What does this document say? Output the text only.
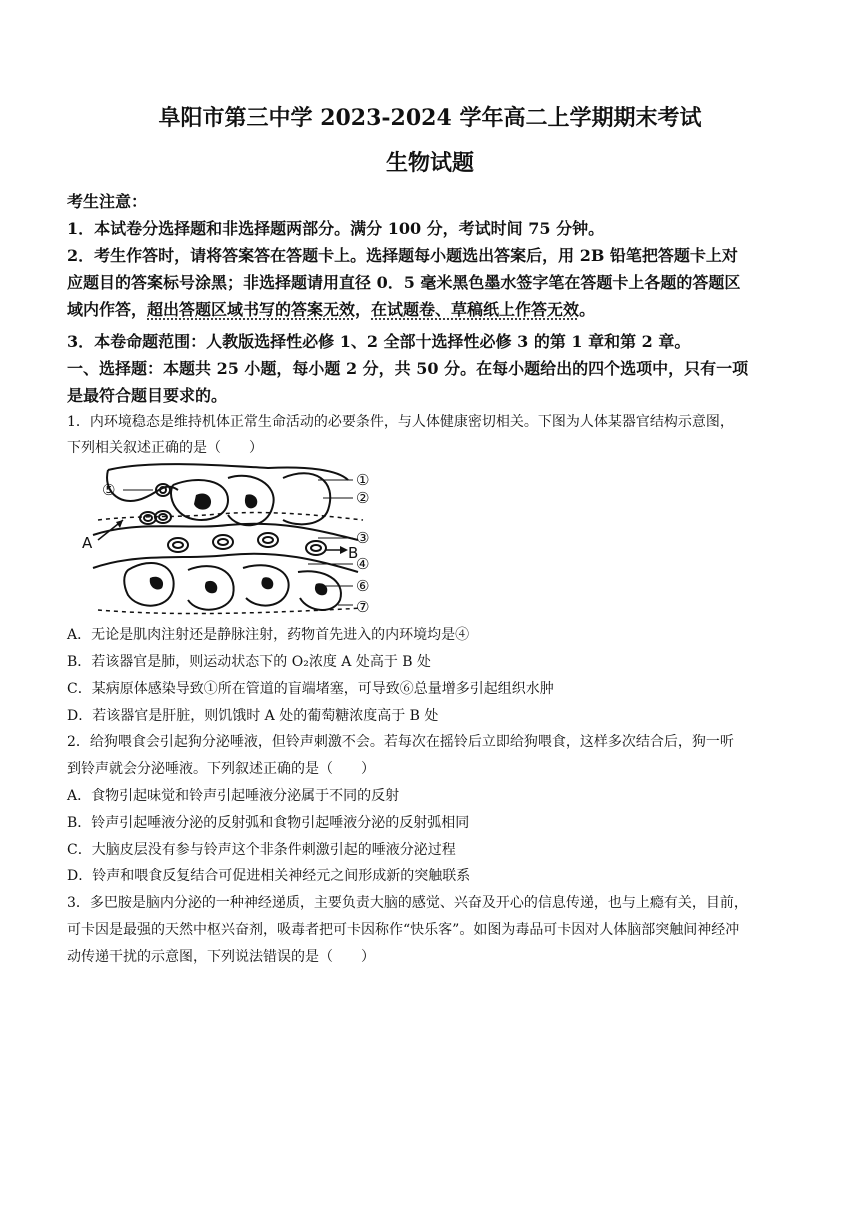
阜阳市第三中学 2023-2024 学年高二上学期期末考试
生物试题
考生注意：
1．本试卷分选择题和非选择题两部分。满分 100 分，考试时间 75 分钟。
2．考生作答时，请将答案答在答题卡上。选择题每小题选出答案后，用 2B 铅笔把答题卡上对
应题目的答案标号涂黑；非选择题请用直径 0．5 毫米黑色墨水签字笔在答题卡上各题的答题区
域内作答，超出答题区域书写的答案无效，在试题卷、草稿纸上作答无效。
3．本卷命题范围：人教版选择性必修 1、2 全部十选择性必修 3 的第 1 章和第 2 章。
一、选择题：本题共 25 小题，每小题 2 分，共 50 分。在每小题给出的四个选项中，只有一项
是最符合题目要求的。
1．内环境稳态是维持机体正常生命活动的必要条件，与人体健康密切相关。下图为人体某器官结构示意图，
下列相关叙述正确的是（　　）
⑤
①
②
③
④
⑥
⑦
A
B
A．无论是肌肉注射还是静脉注射，药物首先进入的内环境均是④
B．若该器官是肺，则运动状态下的 O₂浓度 A 处高于 B 处
C．某病原体感染导致①所在管道的盲端堵塞，可导致⑥总量增多引起组织水肿
D．若该器官是肝脏，则饥饿时 A 处的葡萄糖浓度高于 B 处
2．给狗喂食会引起狗分泌唾液，但铃声刺激不会。若每次在摇铃后立即给狗喂食，这样多次结合后，狗一听
到铃声就会分泌唾液。下列叙述正确的是（　　）
A．食物引起味觉和铃声引起唾液分泌属于不同的反射
B．铃声引起唾液分泌的反射弧和食物引起唾液分泌的反射弧相同
C．大脑皮层没有参与铃声这个非条件刺激引起的唾液分泌过程
D．铃声和喂食反复结合可促进相关神经元之间形成新的突触联系
3．多巴胺是脑内分泌的一种神经递质，主要负责大脑的感觉、兴奋及开心的信息传递，也与上瘾有关，目前，
可卡因是最强的天然中枢兴奋剂，吸毒者把可卡因称作“快乐客”。如图为毒品可卡因对人体脑部突触间神经冲
动传递干扰的示意图，下列说法错误的是（　　）
